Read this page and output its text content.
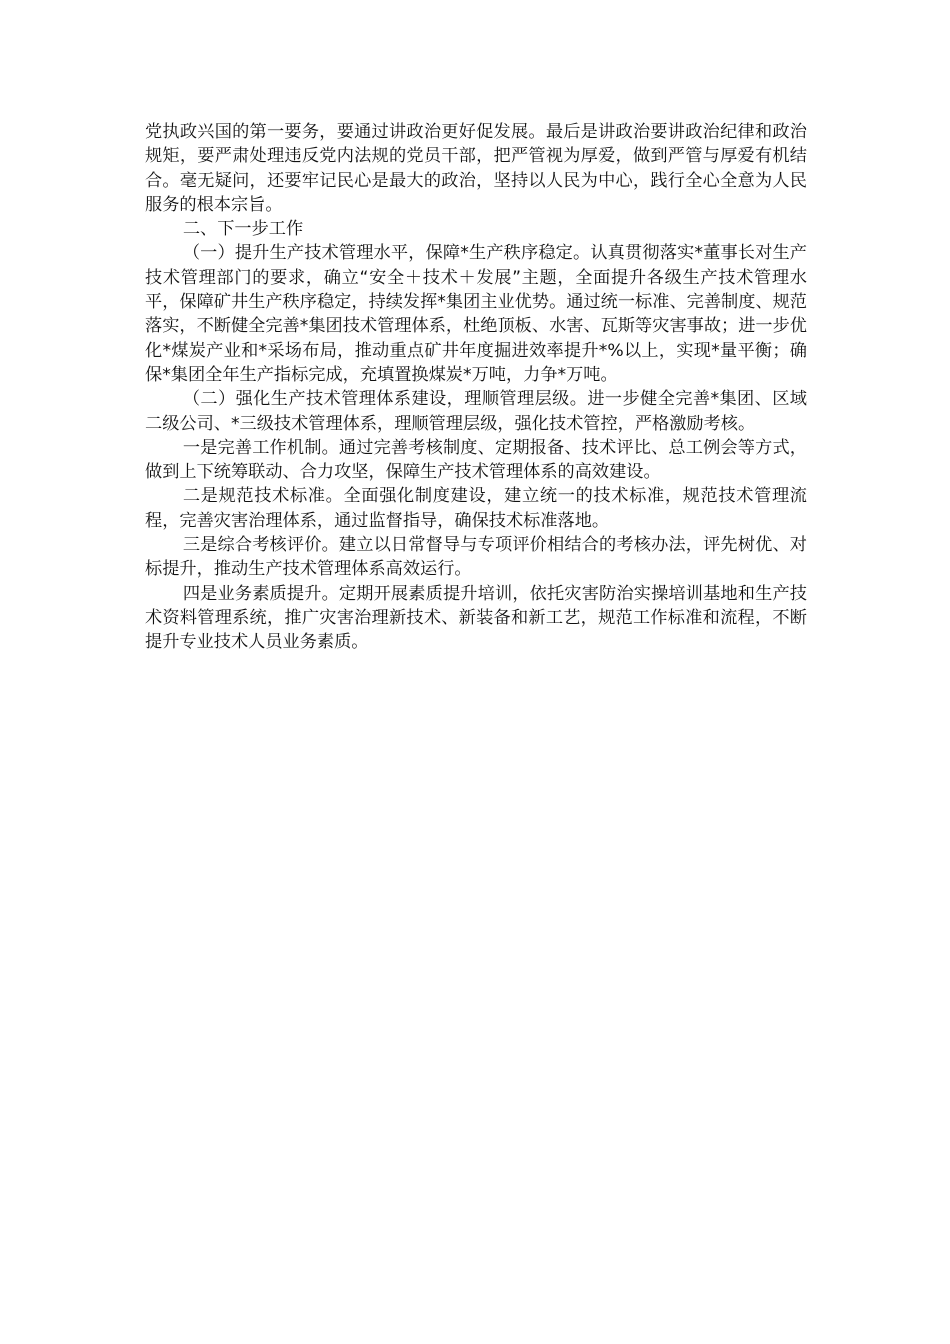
党执政兴国的第一要务，要通过讲政治更好促发展。最后是讲政治要讲政治纪律和政治规矩，要严肃处理违反党内法规的党员干部，把严管视为厚爱，做到严管与厚爱有机结合。毫无疑问，还要牢记民心是最大的政治，坚持以人民为中心，践行全心全意为人民服务的根本宗旨。

二、下一步工作

（一）提升生产技术管理水平，保障*生产秩序稳定。认真贯彻落实*董事长对生产技术管理部门的要求，确立“安全＋技术＋发展”主题，全面提升各级生产技术管理水平，保障矿井生产秩序稳定，持续发挥*集团主业优势。通过统一标准、完善制度、规范落实，不断健全完善*集团技术管理体系，杜绝顶板、水害、瓦斯等灾害事故；进一步优化*煤炭产业和*采场布局，推动重点矿井年度掘进效率提升*%以上，实现*量平衡；确保*集团全年生产指标完成，充填置换煤炭*万吨，力争*万吨。

（二）强化生产技术管理体系建设，理顺管理层级。进一步健全完善*集团、区域二级公司、*三级技术管理体系，理顺管理层级，强化技术管控，严格激励考核。

一是完善工作机制。通过完善考核制度、定期报备、技术评比、总工例会等方式，做到上下统筹联动、合力攻坚，保障生产技术管理体系的高效建设。

二是规范技术标准。全面强化制度建设，建立统一的技术标准，规范技术管理流程，完善灾害治理体系，通过监督指导，确保技术标准落地。

三是综合考核评价。建立以日常督导与专项评价相结合的考核办法，评先树优、对标提升，推动生产技术管理体系高效运行。

四是业务素质提升。定期开展素质提升培训，依托灾害防治实操培训基地和生产技术资料管理系统，推广灾害治理新技术、新装备和新工艺，规范工作标准和流程，不断提升专业技术人员业务素质。
